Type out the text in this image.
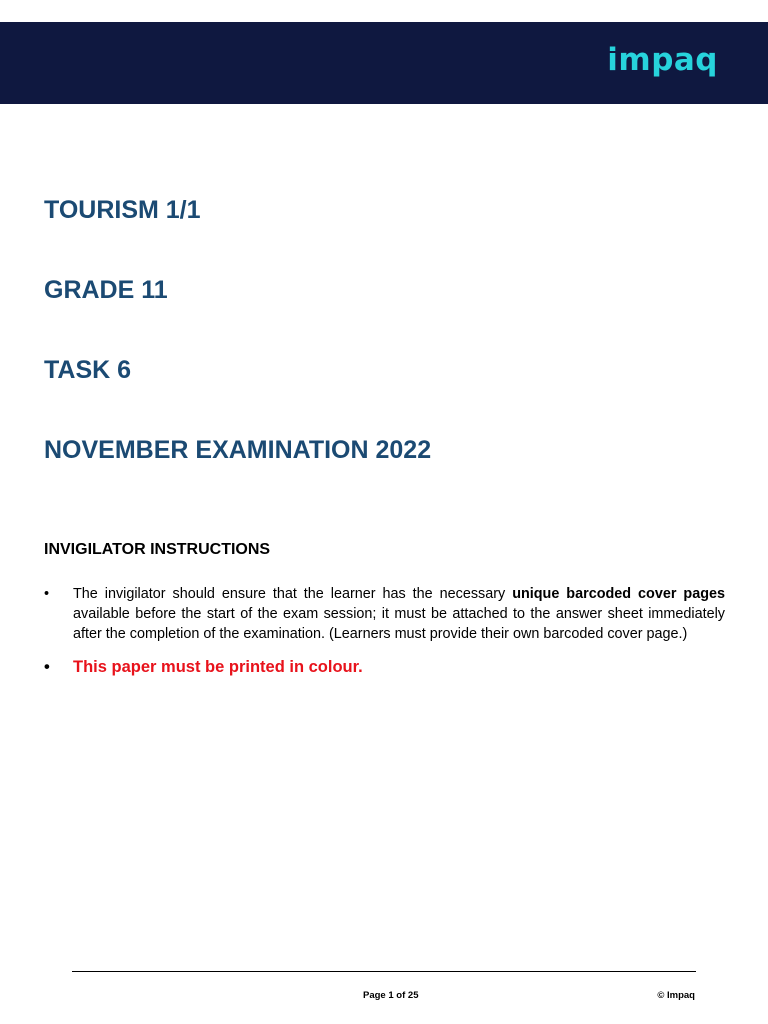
impaq
TOURISM 1/1
GRADE 11
TASK 6
NOVEMBER EXAMINATION 2022
INVIGILATOR INSTRUCTIONS
• The invigilator should ensure that the learner has the necessary unique barcoded cover pages available before the start of the exam session; it must be attached to the answer sheet immediately after the completion of the examination. (Learners must provide their own barcoded cover page.)
• This paper must be printed in colour.
Page 1 of 25	© Impaq
